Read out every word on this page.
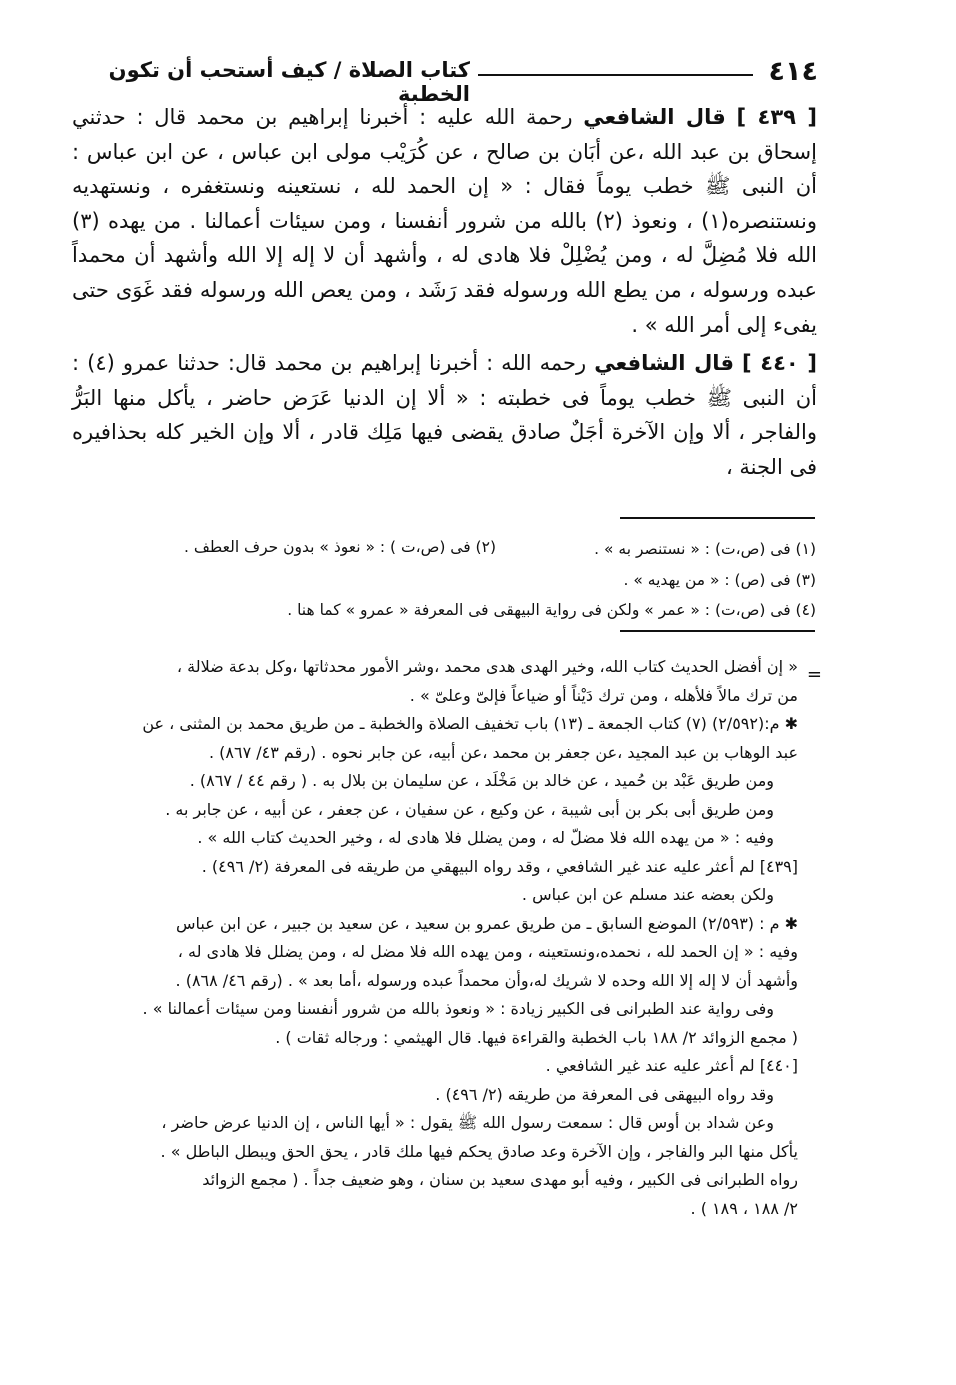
٤١٤
كتاب الصلاة / كيف أستحب أن تكون الخطبة

[ ٤٣٩ ] قال الشافعي رحمة الله عليه : أخبرنا إبراهيم بن محمد قال : حدثني إسحاق بن عبد الله ،عن أبَان بن صالح ، عن كُرَيْب مولى ابن عباس ، عن ابن عباس : أن النبى ﷺ خطب يوماً فقال : « إن الحمد لله ، نستعينه ونستغفره ، ونستهديه ونستنصره(١) ، ونعوذ (٢) بالله من شرور أنفسنا ، ومن سيئات أعمالنا . من يهده (٣) الله فلا مُضِلَّ له ، ومن يُضْلِلْ فلا هادى له ، وأشهد أن لا إله إلا الله وأشهد أن محمداً عبده ورسوله ، من يطع الله ورسوله فقد رَشَد ، ومن يعص الله ورسوله فقد غَوَى حتى يفىء إلى أمر الله » .

[ ٤٤٠ ] قال الشافعي رحمه الله : أخبرنا إبراهيم بن محمد قال: حدثنا عمرو (٤) : أن النبى ﷺ خطب يوماً فى خطبته : « ألا إن الدنيا عَرَض حاضر ، يأكل منها البَرُّ والفاجر ، ألا وإن الآخرة أجَلٌ صادق يقضى فيها مَلِك قادر ، ألا وإن الخير كله بحذافيره فى الجنة ،

(١) فى (ص،ت) : « نستنصر به » .
(٢) فى (ص،ت ) : « نعوذ » بدون حرف العطف .
(٣) فى (ص) : « من يهديه » .
(٤) فى (ص،ت) : « عمر » ولكن فى رواية البيهقى فى المعرفة « عمرو » كما هنا .
=
« إن أفضل الحديث كتاب الله، وخير الهدى هدى محمد ،وشر الأمور محدثاتها ،وكل بدعة ضلالة ،
من ترك مالاً فلأهله ، ومن ترك دَيْناً أو ضياعاً فإلىّ وعلىّ » .
✱ م:(٢/٥٩٢) (٧) كتاب الجمعة ـ (١٣) باب تخفيف الصلاة والخطبة ـ من طريق محمد بن المثنى ، عن
عبد الوهاب بن عبد المجيد ،عن جعفر بن محمد ،عن أبيه، عن جابر نحوه . (رقم ٤٣/ ٨٦٧) .
ومن طريق عَبْد بن حُميد ، عن خالد بن مَخْلَد ، عن سليمان بن بلال به . ( رقم ٤٤ / ٨٦٧) .
ومن طريق أبى بكر بن أبى شيبة ، عن وكيع ، عن سفيان ، عن جعفر ، عن أبيه ، عن جابر به .
وفيه : « من يهده الله فلا مضلّ له ، ومن يضلل فلا هادى له ، وخير الحديث كتاب الله » .
[٤٣٩] لم أعثر عليه عند غير الشافعي ، وقد رواه البيهقي من طريقه فى المعرفة (٢/ ٤٩٦) .
ولكن بعضه عند مسلم عن ابن عباس .
✱ م : (٢/٥٩٣) الموضع السابق ـ من طريق عمرو بن سعيد ، عن سعيد بن جبير ، عن ابن عباس
وفيه : « إن الحمد لله ، نحمده،ونستعينه ، ومن يهده الله فلا مضل له ، ومن يضلل فلا هادى له ،
وأشهد أن لا إله إلا الله وحده لا شريك له،وأن محمداً عبده ورسوله ،أما بعد » . (رقم ٤٦/ ٨٦٨) .
وفى رواية عند الطبرانى فى الكبير زيادة : « ونعوذ بالله من شرور أنفسنا ومن سيئات أعمالنا » .
( مجمع الزوائد ٢/ ١٨٨ باب الخطبة والقراءة فيها. قال الهيثمي : ورجاله ثقات ) .
[٤٤٠] لم أعثر عليه عند غير الشافعي .
وقد رواه البيهقى فى المعرفة من طريقه (٢/ ٤٩٦) .
وعن شداد بن أوس قال : سمعت رسول الله ﷺ يقول : « أيها الناس ، إن الدنيا عرض حاضر ،
يأكل منها البر والفاجر ، وإن الآخرة وعد صادق يحكم فيها ملك قادر ، يحق الحق ويبطل الباطل » .
رواه الطبرانى فى الكبير ، وفيه أبو مهدى سعيد بن سنان ، وهو ضعيف جداً . ( مجمع الزوائد
٢/ ١٨٨ ، ١٨٩ ) .
